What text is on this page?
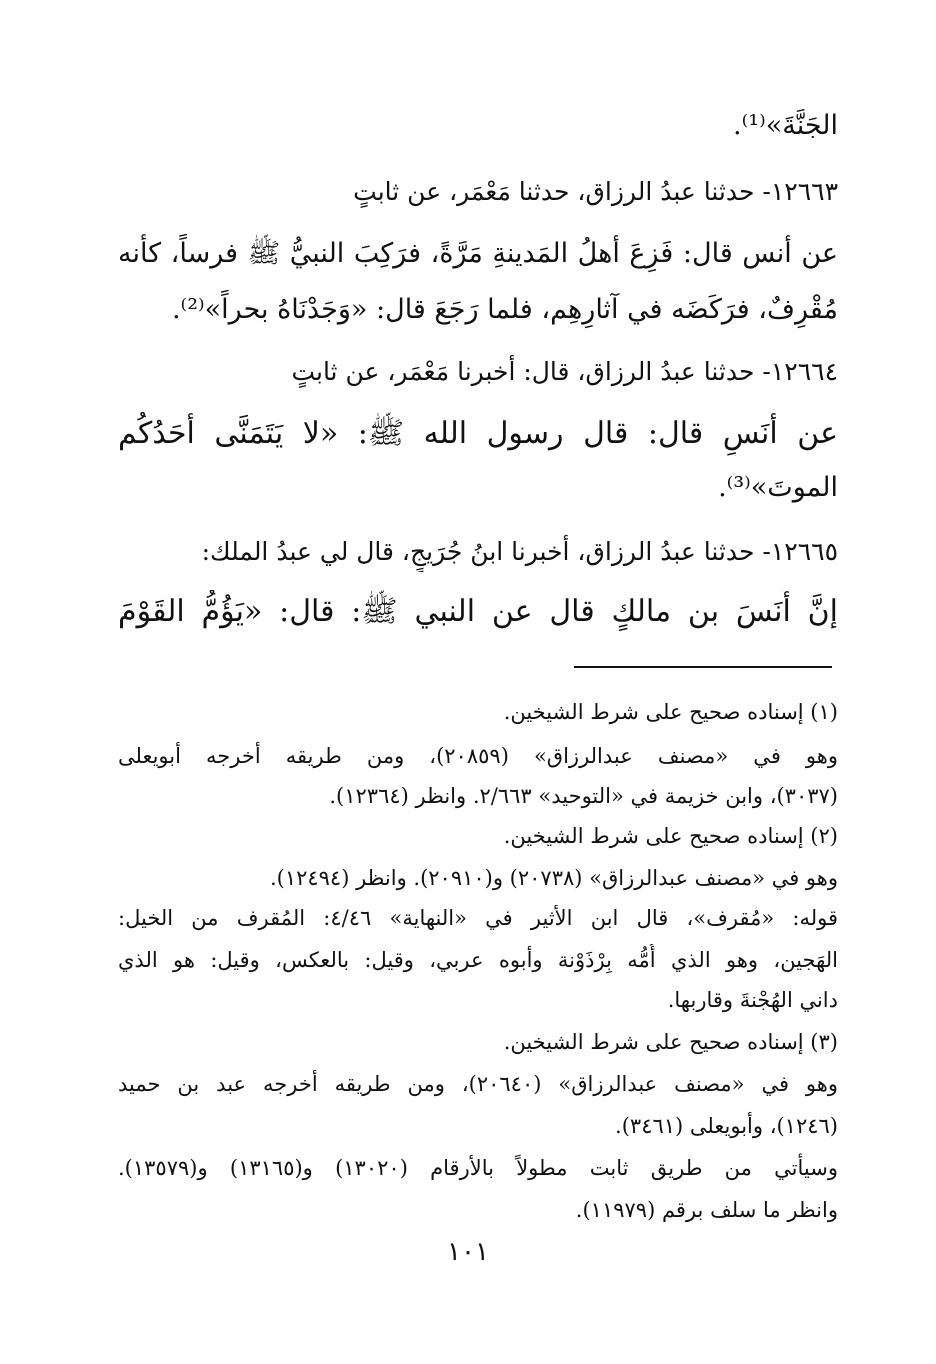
الجَنَّةَ»⁽¹⁾.
١٢٦٦٣- حدثنا عبدُ الرزاق، حدثنا مَعْمَر، عن ثابتٍ
عن أنس قال: فَزِعَ أَهلُ المَدينةِ مَرَّةً، فرَكِبَ النبيُّ ﷺ فرساً، كأنه
مُقْرِفٌ، فرَكَضَه في آثارِهِم، فلما رَجَعَ قال: «وَجَدْنَاهُ بحراً»⁽²⁾.
١٢٦٦٤- حدثنا عبدُ الرزاق، قال: أخبرنا مَعْمَر، عن ثابتٍ
عن أَنَسٍ قال: قال رسول الله ﷺ: «لا يَتَمَنَّى أَحَدُكُم
الموتَ»⁽³⁾.
١٢٦٦٥- حدثنا عبدُ الرزاق، أخبرنا ابنُ جُرَيجٍ، قال لي عبدُ الملك:
إنَّ أَنَسَ بن مالكٍ قال عن النبي ﷺ: قال: «يَؤُمُّ القَوْمَ
(١) إسناده صحيح على شرط الشيخين.
وهو في «مصنف عبدالرزاق» (٢٠٨٥٩)، ومن طريقه أخرجه أبويعلى
(٣٠٣٧)، وابن خزيمة في «التوحيد» ٢/٦٦٣. وانظر (١٢٣٦٤).
(٢) إسناده صحيح على شرط الشيخين.
وهو في «مصنف عبدالرزاق» (٢٠٧٣٨) و(٢٠٩١٠). وانظر (١٢٤٩٤).
قوله: «مُقرف»، قال ابن الأثير في «النهاية» ٤/٤٦: المُقرف من الخيل:
الهَجين، وهو الذي أُمُّه بِرْذَوْنة وأبوه عربي، وقيل: بالعكس، وقيل: هو الذي
داني الهُجْنةَ وقاربها.
(٣) إسناده صحيح على شرط الشيخين.
وهو في «مصنف عبدالرزاق» (٢٠٦٤٠)، ومن طريقه أخرجه عبد بن حميد
(١٢٤٦)، وأبويعلى (٣٤٦١).
وسيأتي من طريق ثابت مطولاً بالأرقام (١٣٠٢٠) و(١٣١٦٥) و(١٣٥٧٩).
وانظر ما سلف برقم (١١٩٧٩).
١٠١
